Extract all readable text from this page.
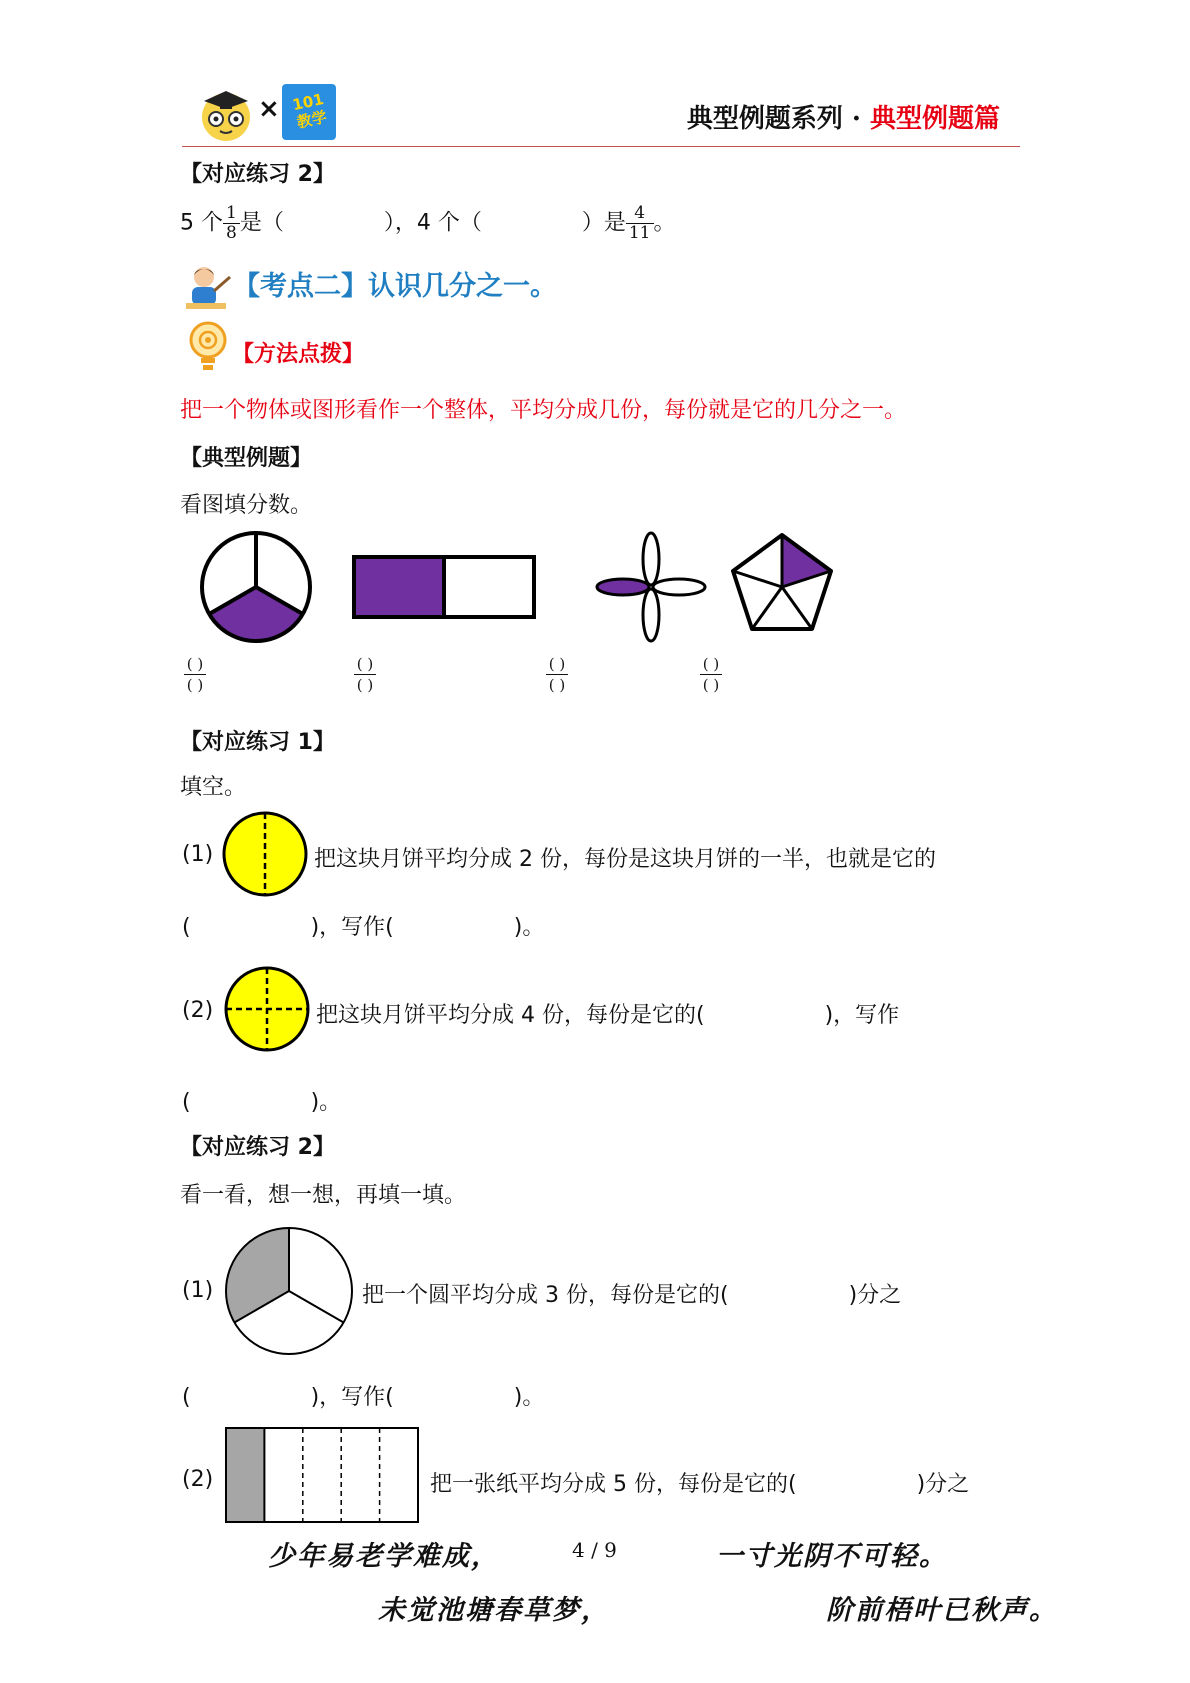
× 101
教学	典型例题系列 · 典型例题篇
【对应练习 2】
5 个 $\frac{1}{8}$ 是（	），4 个（	）是 $\frac{4}{11}$ 。
【考点二】认识几分之一。
【方法点拨】
把一个物体或图形看作一个整体，平均分成几份，每份就是它的几分之一。
【典型例题】
看图填分数。
( )
( )
( )
( )
( )
( )
( )
( )
【对应练习 1】
填空。
(1)	把这块月饼平均分成 2 份，每份是这块月饼的一半，也就是它的
(	)，写作(	)。
(2)	把这块月饼平均分成 4 份，每份是它的(	)，写作
(	)。
【对应练习 2】
看一看，想一想，再填一填。
(1)	把一个圆平均分成 3 份，每份是它的(	)分之
(	)，写作(	)。
(2)	把一张纸平均分成 5 份，每份是它的(	)分之
少年易老学难成，	4 / 9	一寸光阴不可轻。
未觉池塘春草梦，	阶前梧叶已秋声。
